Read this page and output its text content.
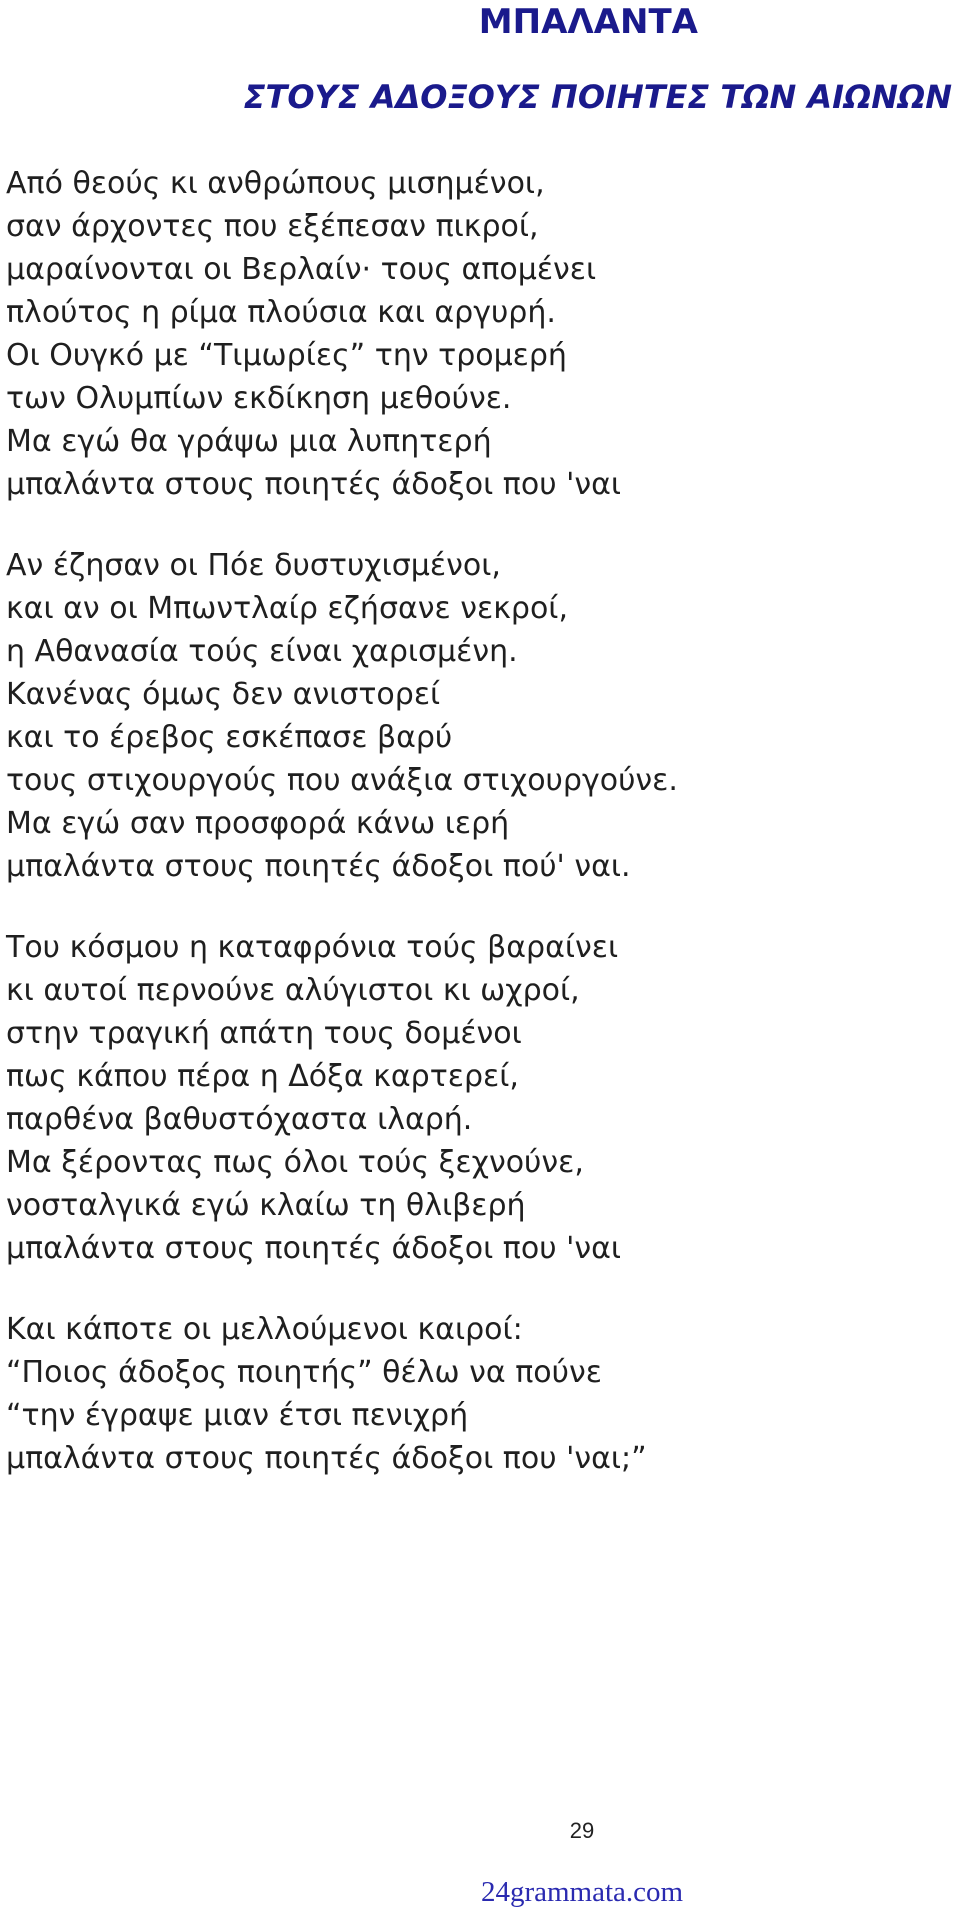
ΜΠΑΛΑΝΤΑ
ΣΤΟΥΣ ΑΔΟΞΟΥΣ ΠΟΙΗΤΕΣ ΤΩΝ ΑΙΩΝΩΝ

Από θεούς κι ανθρώπους μισημένοι,
σαν άρχοντες που εξέπεσαν πικροί,
μαραίνονται οι Βερλαίν· τους απομένει
πλούτος η ρίμα πλούσια και αργυρή.
Οι Ουγκό με “Τιμωρίες” την τρομερή
των Ολυμπίων εκδίκηση μεθούνε.
Μα εγώ θα γράψω μια λυπητερή
μπαλάντα στους ποιητές άδοξοι που 'ναι

Αν έζησαν οι Πόε δυστυχισμένοι,
και αν οι Μπωντλαίρ εζήσανε νεκροί,
η Αθανασία τούς είναι χαρισμένη.
Κανένας όμως δεν ανιστορεί
και το έρεβος εσκέπασε βαρύ
τους στιχουργούς που ανάξια στιχουργούνε.
Μα εγώ σαν προσφορά κάνω ιερή
μπαλάντα στους ποιητές άδοξοι πού' ναι.

Του κόσμου η καταφρόνια τούς βαραίνει
κι αυτοί περνούνε αλύγιστοι κι ωχροί,
στην τραγική απάτη τους δομένοι
πως κάπου πέρα η Δόξα καρτερεί,
παρθένα βαθυστόχαστα ιλαρή.
Μα ξέροντας πως όλοι τούς ξεχνούνε,
νοσταλγικά εγώ κλαίω τη θλιβερή
μπαλάντα στους ποιητές άδοξοι που 'ναι

Και κάποτε οι μελλούμενοι καιροί:
“Ποιος άδοξος ποιητής” θέλω να πούνε
“την έγραψε μιαν έτσι πενιχρή
μπαλάντα στους ποιητές άδοξοι που 'ναι;”

29
24grammata.com
